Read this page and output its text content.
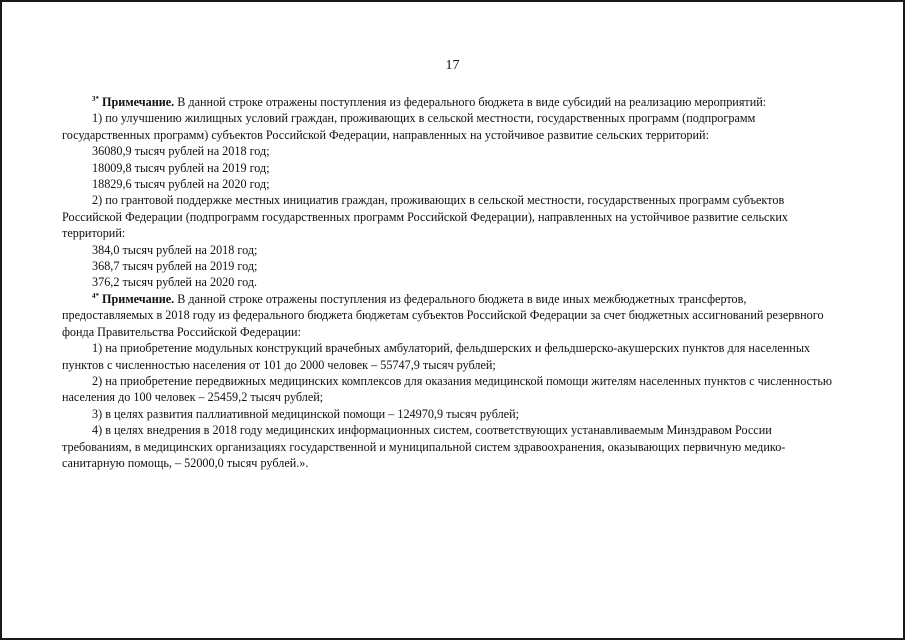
17

$^{3*}$ Примечание. В данной строке отражены поступления из федерального бюджета в виде субсидий на реализацию мероприятий:

1) по улучшению жилищных условий граждан, проживающих в сельской местности, государственных программ (подпрограмм государственных программ) субъектов Российской Федерации, направленных на устойчивое развитие сельских территорий:

36080,9 тысяч рублей на 2018 год;

18009,8 тысяч рублей на 2019 год;

18829,6 тысяч рублей на 2020 год;

2) по грантовой поддержке местных инициатив граждан, проживающих в сельской местности, государственных программ субъектов Российской Федерации (подпрограмм государственных программ Российской Федерации), направленных на устойчивое развитие сельских территорий:

384,0 тысяч рублей на 2018 год;

368,7 тысяч рублей на 2019 год;

376,2 тысяч рублей на 2020 год.

$^{4*}$ Примечание. В данной строке отражены поступления из федерального бюджета в виде иных межбюджетных трансфертов, предоставляемых в 2018 году из федерального бюджета бюджетам субъектов Российской Федерации за счет бюджетных ассигнований резервного фонда Правительства Российской Федерации:

1) на приобретение модульных конструкций врачебных амбулаторий, фельдшерских и фельдшерско-акушерских пунктов для населенных пунктов с численностью населения от 101 до 2000 человек – 55747,9 тысяч рублей;

2) на приобретение передвижных медицинских комплексов для оказания медицинской помощи жителям населенных пунктов с численностью населения до 100 человек – 25459,2 тысяч рублей;

3) в целях развития паллиативной медицинской помощи – 124970,9 тысяч рублей;

4) в целях внедрения в 2018 году медицинских информационных систем, соответствующих устанавливаемым Минздравом России требованиям, в медицинских организациях государственной и муниципальной систем здравоохранения, оказывающих первичную медико-санитарную помощь, – 52000,0 тысяч рублей.».
